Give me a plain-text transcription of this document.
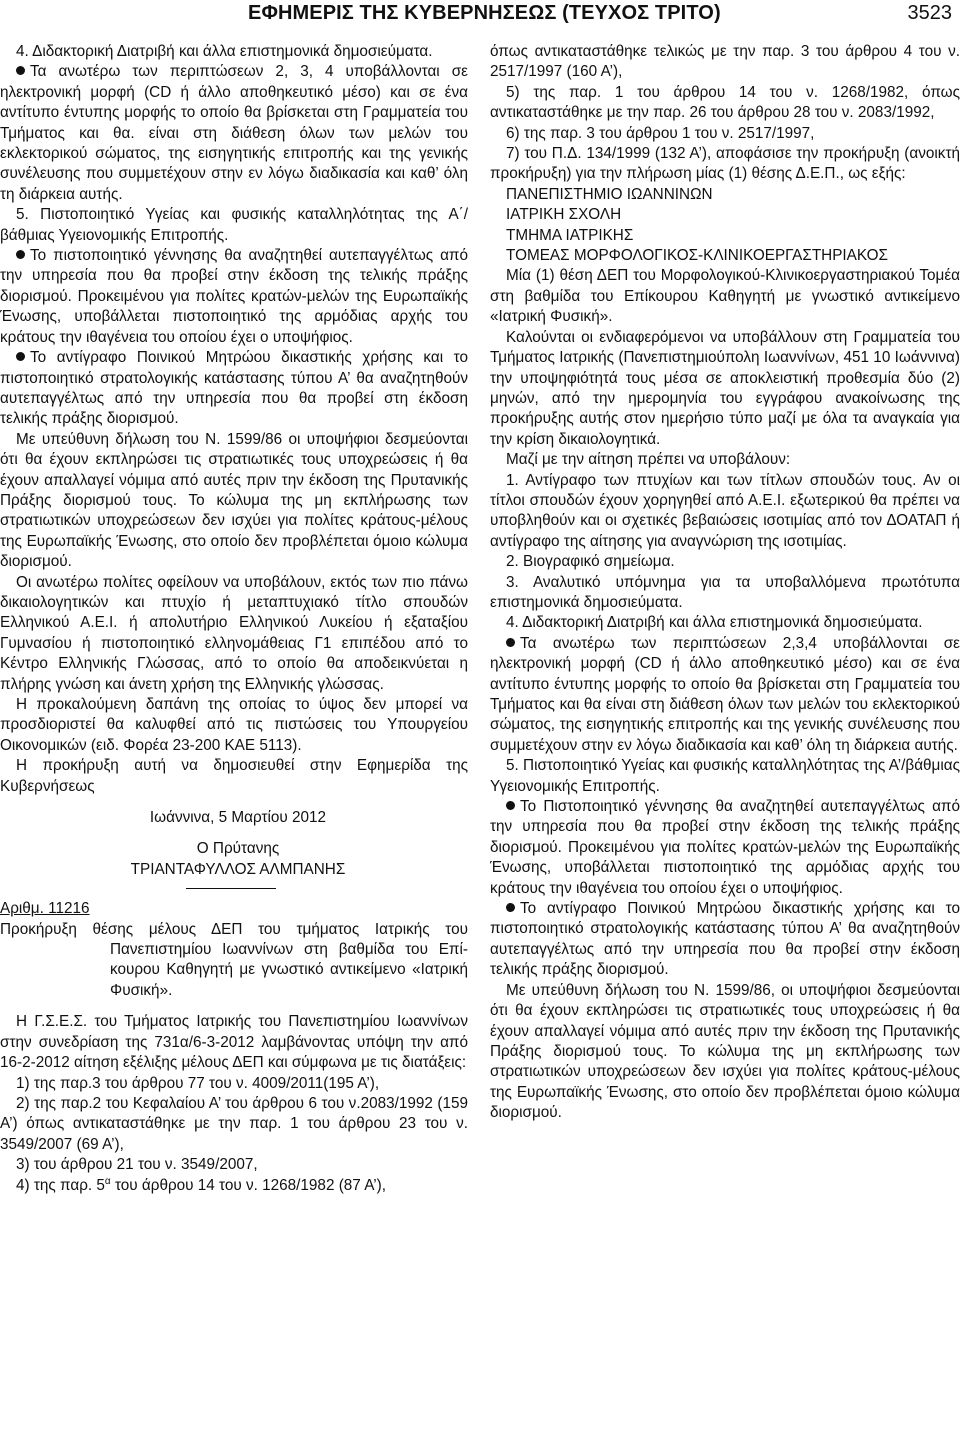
ΕΦΗΜΕΡΙΣ ΤΗΣ ΚΥΒΕΡΝΗΣΕΩΣ (ΤΕΥΧΟΣ ΤΡΙΤΟ)	3523

4. Διδακτορική Διατριβή και άλλα επιστημονικά δημοσιεύματα.

Τα ανωτέρω των περιπτώσεων 2, 3, 4 υποβάλλονται σε ηλεκτρονική μορφή (CD ή άλλο αποθηκευτικό μέσο) και σε ένα αντίτυπο έντυπης μορφής το οποίο θα βρίσκεται στη Γραμματεία του Τμήματος και θα. είναι στη διάθεση όλων των μελών του εκλεκτορικού σώματος, της εισηγητικής επιτροπής και της γενικής συνέλευσης που συμμετέχουν στην εν λόγω διαδικασία και καθ’ όλη τη διάρκεια αυτής.

5. Πιστοποιητικό Υγείας και φυσικής καταλληλότητας της Α΄/βάθμιας Υγειονομικής Επιτροπής.

Το πιστοποιητικό γέννησης θα αναζητηθεί αυτεπαγγέλτως από την υπηρεσία που θα προβεί στην έκδοση της τελικής πράξης διορισμού. Προκειμένου για πολίτες κρατών-μελών της Ευρωπαϊκής Ένωσης, υποβάλλεται πιστοποιητικό της αρμόδιας αρχής του κράτους την ιθαγένεια του οποίου έχει ο υποψήφιος.

Το αντίγραφο Ποινικού Μητρώου δικαστικής χρήσης και το πιστοποιητικό στρατολογικής κατάστασης τύπου Α’ θα αναζητηθούν αυτεπαγγέλτως από την υπηρεσία που θα προβεί στη έκδοση τελικής πράξης διορισμού.

Με υπεύθυνη δήλωση του Ν. 1599/86 οι υποψήφιοι δεσμεύονται ότι θα έχουν εκπληρώσει τις στρατιωτικές τους υποχρεώσεις ή θα έχουν απαλλαγεί νόμιμα από αυτές πριν την έκδοση της Πρυτανικής Πράξης διορισμού τους. Το κώλυμα της μη εκπλήρωσης των στρατιωτικών υποχρεώσεων δεν ισχύει για πολίτες κράτους-μέλους της Ευρωπαϊκής Ένωσης, στο οποίο δεν προβλέπεται όμοιο κώλυμα διορισμού.

Οι ανωτέρω πολίτες οφείλουν να υποβάλουν, εκτός των πιο πάνω δικαιολογητικών και πτυχίο ή μεταπτυχιακό τίτλο σπουδών Ελληνικού Α.Ε.Ι. ή απολυτήριο Ελληνικού Λυκείου ή εξαταξίου Γυμνασίου ή πιστοποιητικό ελληνομάθειας Γ1 επιπέδου από το Κέντρο Ελληνικής Γλώσσας, από το οποίο θα αποδεικνύεται η πλήρης γνώση και άνετη χρήση της Ελληνικής γλώσσας.

Η προκαλούμενη δαπάνη της οποίας το ύψος δεν μπορεί να προσδιοριστεί θα καλυφθεί από τις πιστώσεις του Υπουργείου Οικονομικών (ειδ. Φορέα 23-200 ΚΑΕ 5113).

Η προκήρυξη αυτή να δημοσιευθεί στην Εφημερίδα της Κυβερνήσεως

Ιωάννινα, 5 Μαρτίου 2012

Ο Πρύτανης

ΤΡΙΑΝΤΑΦΥΛΛΟΣ ΑΛΜΠΑΝΗΣ

Αριθμ. 11216

Προκήρυξη θέσης μέλους ΔΕΠ του τμήματος Ιατρικής του Πανεπιστημίου Ιωαννίνων στη βαθμίδα του Επίκουρου Καθηγητή με γνωστικό αντικείμενο «Ιατρική Φυσική».

Η Γ.Σ.Ε.Σ. του Τμήματος Ιατρικής του Πανεπιστημίου Ιωαννίνων στην συνεδρίαση της 731α/6-3-2012 λαμβάνοντας υπόψη την από 16-2-2012 αίτηση εξέλιξης μέλους ΔΕΠ και σύμφωνα με τις διατάξεις:

1) της παρ.3 του άρθρου 77 του ν. 4009/2011(195 Α’),

2) της παρ.2 του Κεφαλαίου Α’ του άρθρου 6 του ν.2083/1992 (159 Α’) όπως αντικαταστάθηκε με την παρ. 1 του άρθρου 23 του ν. 3549/2007 (69 Α’),

3) του άρθρου 21 του ν. 3549/2007,

4) της παρ. $5^\alpha$ του άρθρου 14 του ν. 1268/1982 (87 Α’),

όπως αντικαταστάθηκε τελικώς με την παρ. 3 του άρθρου 4 του ν. 2517/1997 (160 Α’),

5) της παρ. 1 του άρθρου 14 του ν. 1268/1982, όπως αντικαταστάθηκε με την παρ. 26 του άρθρου 28 του ν. 2083/1992,

6) της παρ. 3 του άρθρου 1 του ν. 2517/1997,

7) του Π.Δ. 134/1999 (132 Α’), αποφάσισε την προκήρυξη (ανοικτή προκήρυξη) για την πλήρωση μίας (1) θέσης Δ.Ε.Π., ως εξής:

ΠΑΝΕΠΙΣΤΗΜΙΟ ΙΩΑΝΝΙΝΩΝ

ΙΑΤΡΙΚΗ ΣΧΟΛΗ

ΤΜΗΜΑ ΙΑΤΡΙΚΗΣ

ΤΟΜΕΑΣ ΜΟΡΦΟΛΟΓΙΚΟΣ-ΚΛΙΝΙΚΟΕΡΓΑΣΤΗΡΙΑΚΟΣ

Μία (1) θέση ΔΕΠ του Μορφολογικού-Κλινικοεργαστηριακού Τομέα στη βαθμίδα του Επίκουρου Καθηγητή με γνωστικό αντικείμενο «Ιατρική Φυσική».

Καλούνται οι ενδιαφερόμενοι να υποβάλλουν στη Γραμματεία του Τμήματος Ιατρικής (Πανεπιστημιούπολη Ιωαννίνων, 451 10 Ιωάννινα) την υποψηφιότητά τους μέσα σε αποκλειστική προθεσμία δύο (2) μηνών, από την ημερομηνία του εγγράφου ανακοίνωσης της προκήρυξης αυτής στον ημερήσιο τύπο μαζί με όλα τα αναγκαία για την κρίση δικαιολογητικά.

Μαζί με την αίτηση πρέπει να υποβάλουν:

1. Αντίγραφο των πτυχίων και των τίτλων σπουδών τους. Αν οι τίτλοι σπουδών έχουν χορηγηθεί από Α.Ε.Ι. εξωτερικού θα πρέπει να υποβληθούν και οι σχετικές βεβαιώσεις ισοτιμίας από τον ΔΟΑΤΑΠ ή αντίγραφο της αίτησης για αναγνώριση της ισοτιμίας.

2. Βιογραφικό σημείωμα.

3. Αναλυτικό υπόμνημα για τα υποβαλλόμενα πρωτότυπα επιστημονικά δημοσιεύματα.

4. Διδακτορική Διατριβή και άλλα επιστημονικά δημοσιεύματα.

Τα ανωτέρω των περιπτώσεων 2,3,4 υποβάλλονται σε ηλεκτρονική μορφή (CD ή άλλο αποθηκευτικό μέσο) και σε ένα αντίτυπο έντυπης μορφής το οποίο θα βρίσκεται στη Γραμματεία του Τμήματος και θα είναι στη διάθεση όλων των μελών του εκλεκτορικού σώματος, της εισηγητικής επιτροπής και της γενικής συνέλευσης που συμμετέχουν στην εν λόγω διαδικασία και καθ’ όλη τη διάρκεια αυτής.

5. Πιστοποιητικό Υγείας και φυσικής καταλληλότητας της Α’/βάθμιας Υγειονομικής Επιτροπής.

Το Πιστοποιητικό γέννησης θα αναζητηθεί αυτεπαγγέλτως από την υπηρεσία που θα προβεί στην έκδοση της τελικής πράξης διορισμού. Προκειμένου για πολίτες κρατών-μελών της Ευρωπαϊκής Ένωσης, υποβάλλεται πιστοποιητικό της αρμόδιας αρχής του κράτους την ιθαγένεια του οποίου έχει ο υποψήφιος.

Το αντίγραφο Ποινικού Μητρώου δικαστικής χρήσης και το πιστοποιητικό στρατολογικής κατάστασης τύπου Α’ θα αναζητηθούν αυτεπαγγέλτως από την υπηρεσία που θα προβεί στην έκδοση τελικής πράξης διορισμού.

Με υπεύθυνη δήλωση του Ν. 1599/86, οι υποψήφιοι δεσμεύονται ότι θα έχουν εκπληρώσει τις στρατιωτικές τους υποχρεώσεις ή θα έχουν απαλλαγεί νόμιμα από αυτές πριν την έκδοση της Πρυτανικής Πράξης διορισμού τους. Το κώλυμα της μη εκπλήρωσης των στρατιωτικών υποχρεώσεων δεν ισχύει για πολίτες κράτους-μέλους της Ευρωπαϊκής Ένωσης, στο οποίο δεν προβλέπεται όμοιο κώλυμα διορισμού.
